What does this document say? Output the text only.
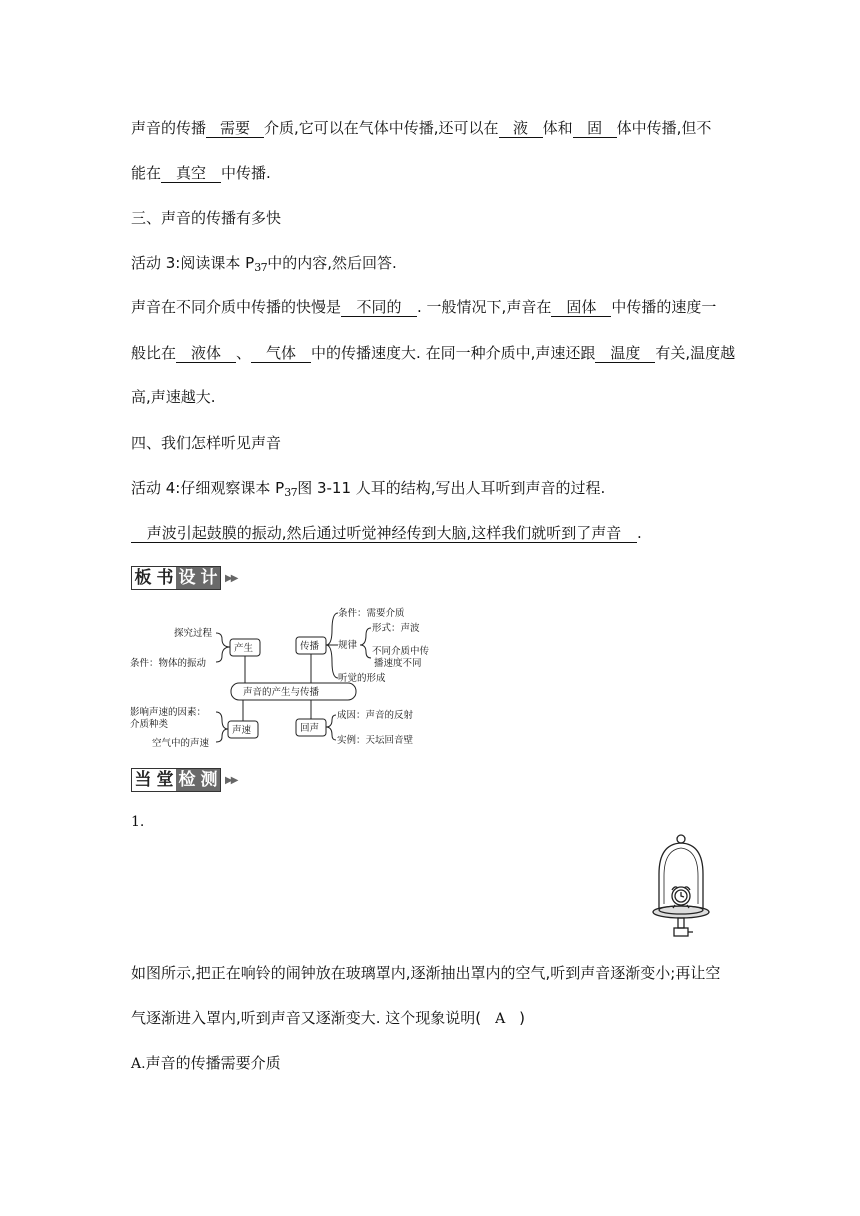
声音的传播 需要 介质,它可以在气体中传播,还可以在 液 体和 固 体中传播,但不
能在 真空 中传播.
三、声音的传播有多快
活动 3:阅读课本 $P_{37}$中的内容,然后回答.
声音在不同介质中传播的快慢是 不同的 . 一般情况下,声音在 固体 中传播的速度一
般比在 液体 、 气体 中的传播速度大. 在同一种介质中,声速还跟 温度 有关,温度越
高,声速越大.
四、我们怎样听见声音
活动 4:仔细观察课本 $P_{37}$图 3-11 人耳的结构,写出人耳听到声音的过程.
声波引起鼓膜的振动,然后通过听觉神经传到大脑,这样我们就听到了声音 .
板 书 设 计 ▶▶
声音的产生与传播
产生
探究过程
条件：物体的振动
传播
条件：需要介质
规律
形式：声波
不同介质中传
播速度不同
听觉的形成
声速
影响声速的因素：
介质种类
空气中的声速
回声
成因：声音的反射
实例：天坛回音壁
当 堂 检 测 ▶▶
1.
如图所示,把正在响铃的闹钟放在玻璃罩内,逐渐抽出罩内的空气,听到声音逐渐变小;再让空
气逐渐进入罩内,听到声音又逐渐变大. 这个现象说明( A )
A.声音的传播需要介质
